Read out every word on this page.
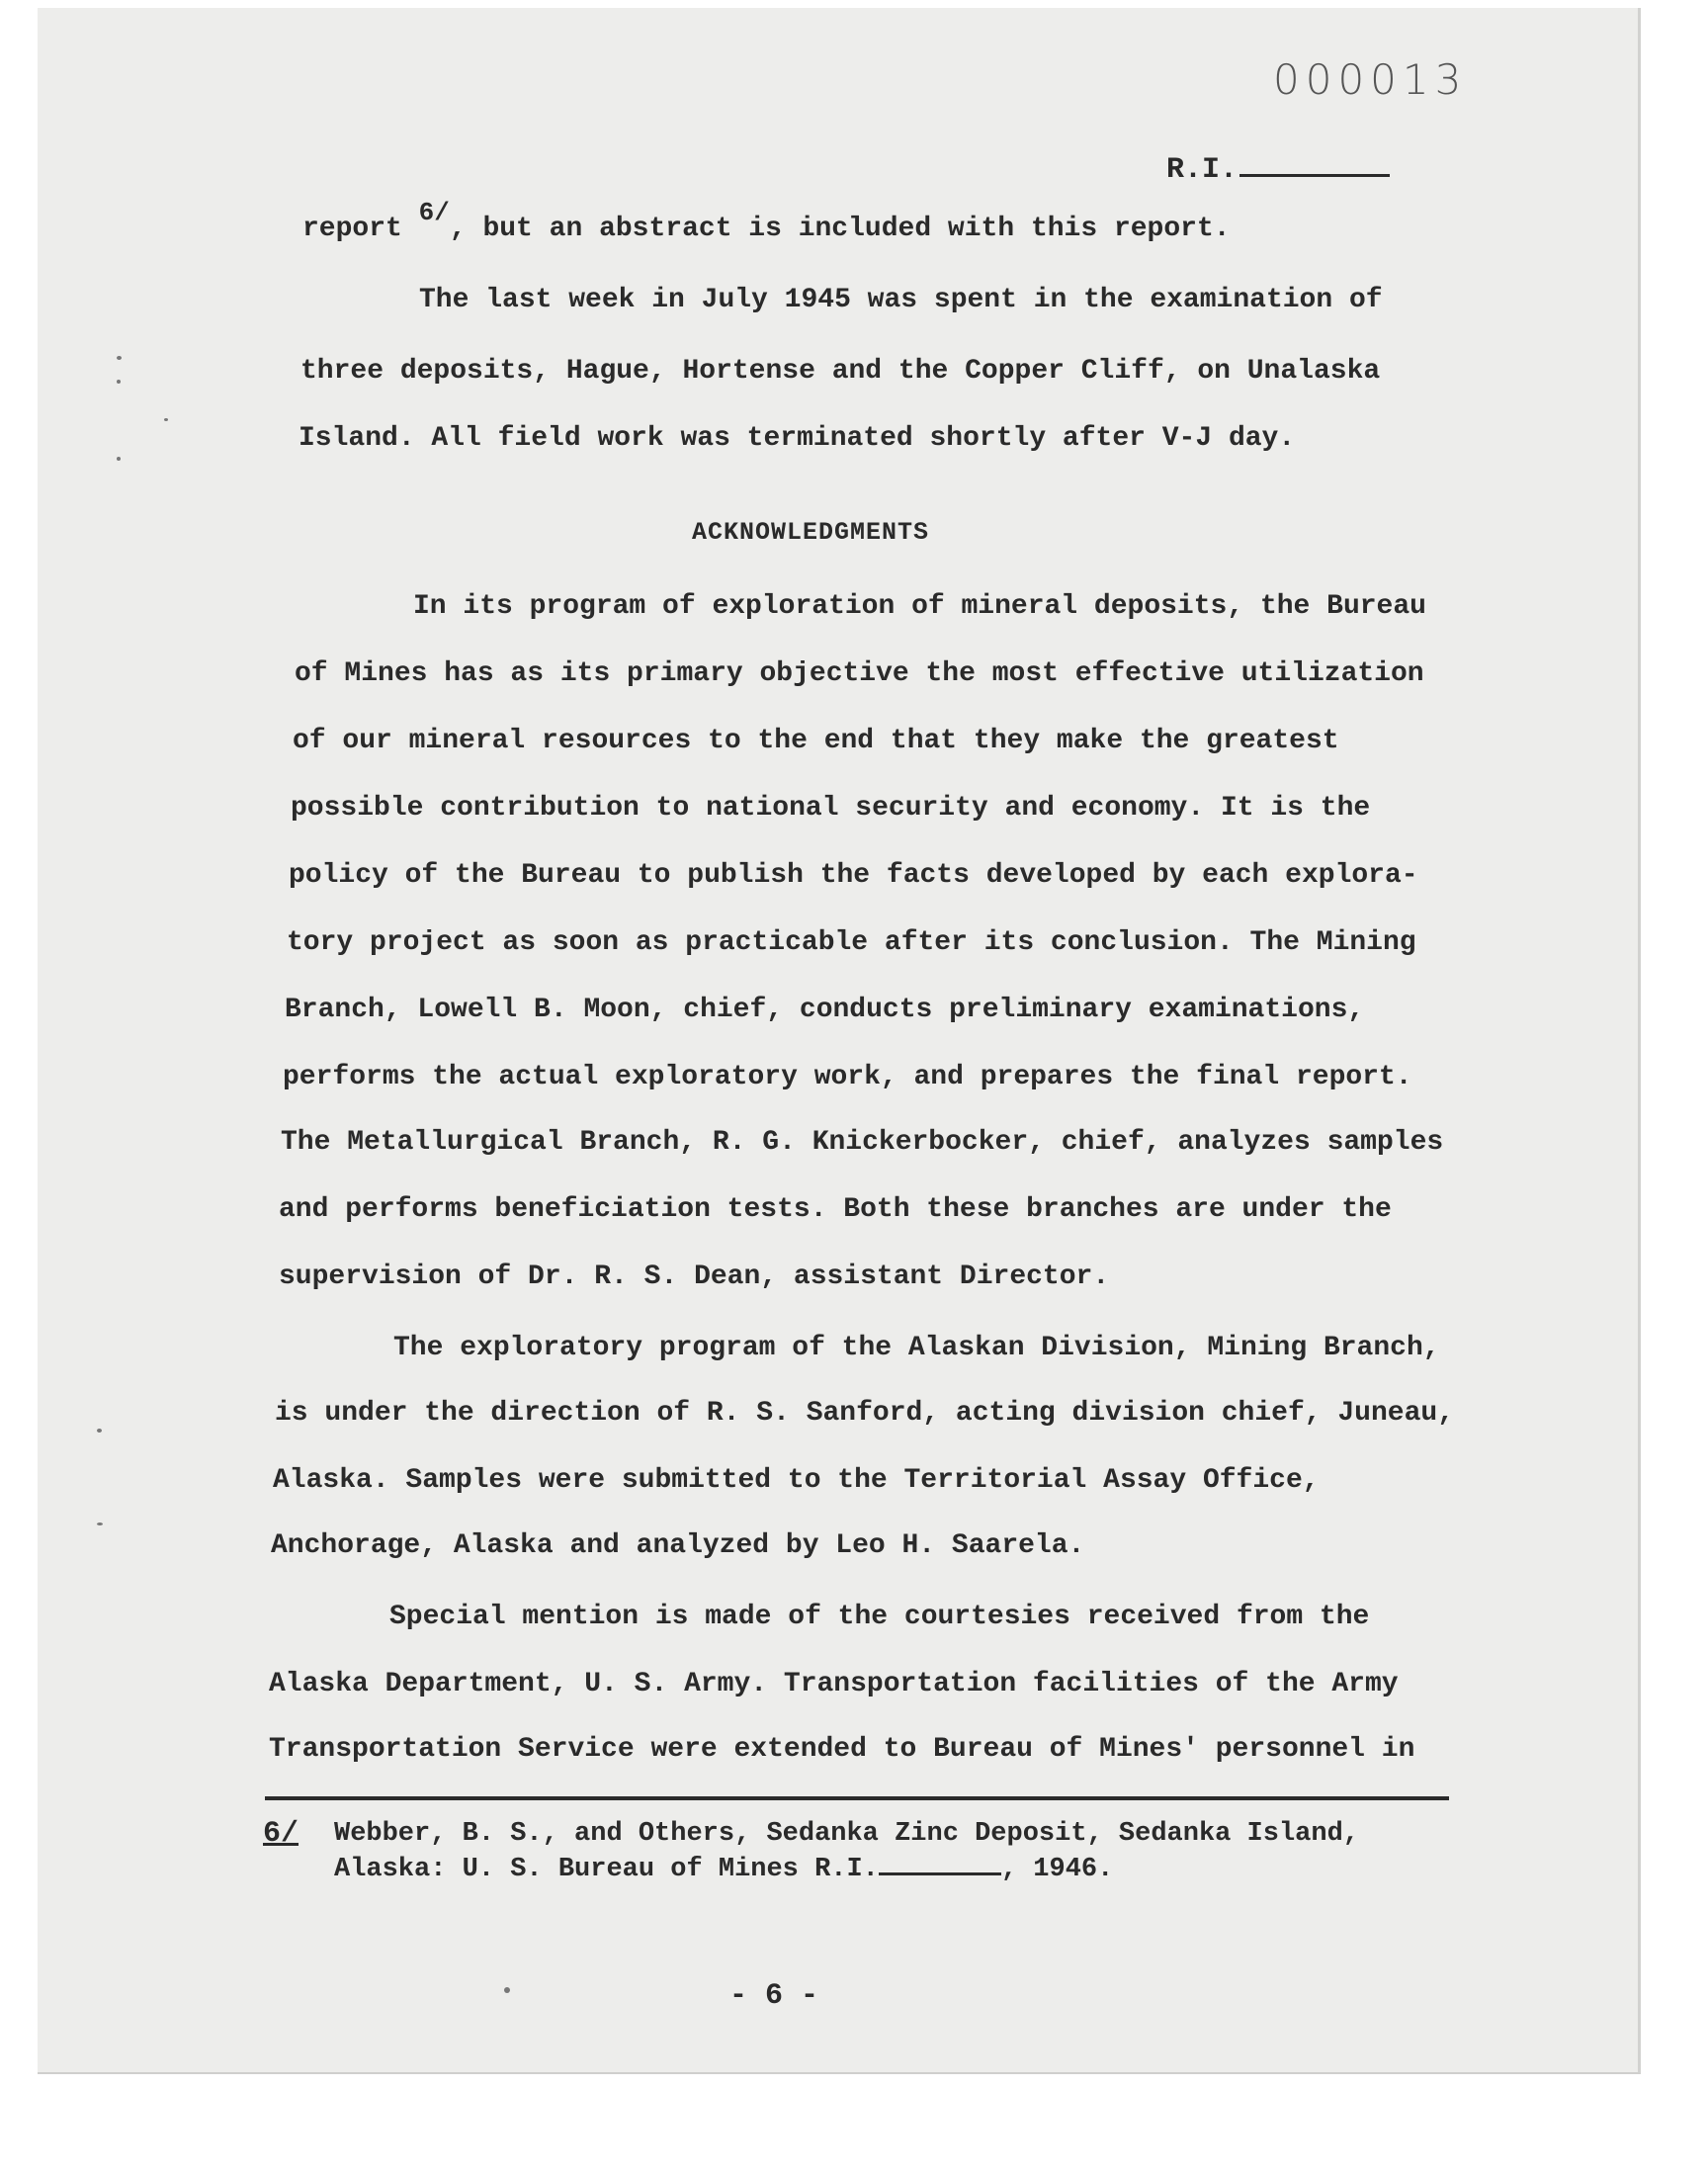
000013
R.I.
report 6/, but an abstract is included with this report.
The last week in July 1945 was spent in the examination of
three deposits, Hague, Hortense and the Copper Cliff, on Unalaska
Island. All field work was terminated shortly after V-J day.
ACKNOWLEDGMENTS
In its program of exploration of mineral deposits, the Bureau
of Mines has as its primary objective the most effective utilization
of our mineral resources to the end that they make the greatest
possible contribution to national security and economy. It is the
policy of the Bureau to publish the facts developed by each explora-
tory project as soon as practicable after its conclusion. The Mining
Branch, Lowell B. Moon, chief, conducts preliminary examinations,
performs the actual exploratory work, and prepares the final report.
The Metallurgical Branch, R. G. Knickerbocker, chief, analyzes samples
and performs beneficiation tests. Both these branches are under the
supervision of Dr. R. S. Dean, assistant Director.
The exploratory program of the Alaskan Division, Mining Branch,
is under the direction of R. S. Sanford, acting division chief, Juneau,
Alaska. Samples were submitted to the Territorial Assay Office,
Anchorage, Alaska and analyzed by Leo H. Saarela.
Special mention is made of the courtesies received from the
Alaska Department, U. S. Army. Transportation facilities of the Army
Transportation Service were extended to Bureau of Mines' personnel in
6/ Webber, B. S., and Others, Sedanka Zinc Deposit, Sedanka Island,
Alaska: U. S. Bureau of Mines R.I.	, 1946.
- 6 -
